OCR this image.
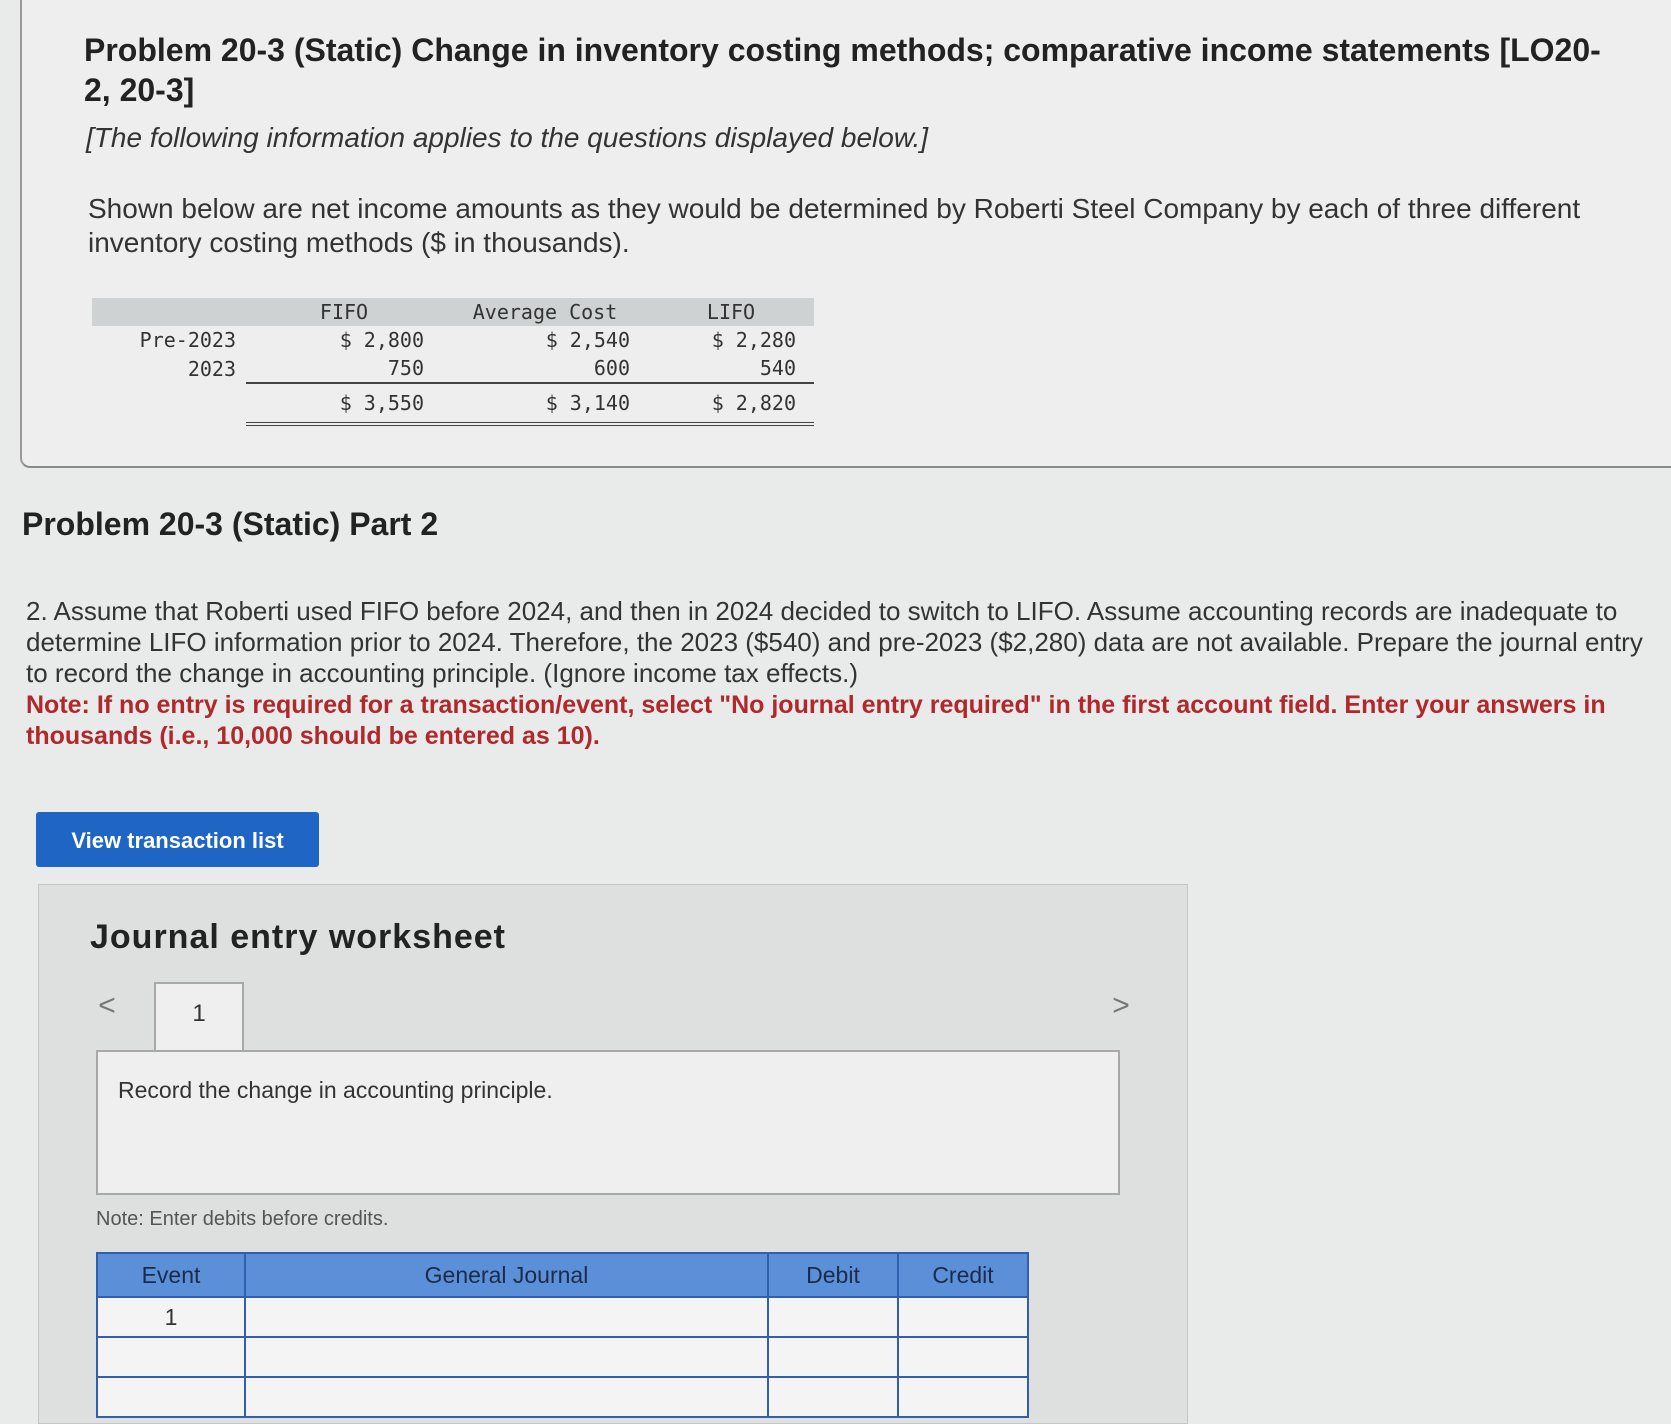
Problem 20-3 (Static) Change in inventory costing methods; comparative income statements [LO20-2, 20-3]
[The following information applies to the questions displayed below.]
Shown below are net income amounts as they would be determined by Roberti Steel Company by each of three different inventory costing methods ($ in thousands).
	FIFO	Average Cost	LIFO
Pre-2023	$ 2,800	$ 2,540	$ 2,280
2023	750	600	540
	$ 3,550	$ 3,140	$ 2,820
Problem 20-3 (Static) Part 2
2. Assume that Roberti used FIFO before 2024, and then in 2024 decided to switch to LIFO. Assume accounting records are inadequate to determine LIFO information prior to 2024. Therefore, the 2023 ($540) and pre-2023 ($2,280) data are not available. Prepare the journal entry to record the change in accounting principle. (Ignore income tax effects.)
Note: If no entry is required for a transaction/event, select "No journal entry required" in the first account field. Enter your answers in thousands (i.e., 10,000 should be entered as 10).
View transaction list
Journal entry worksheet
<	1	>
Record the change in accounting principle.
Note: Enter debits before credits.
Event	General Journal	Debit	Credit
1			
